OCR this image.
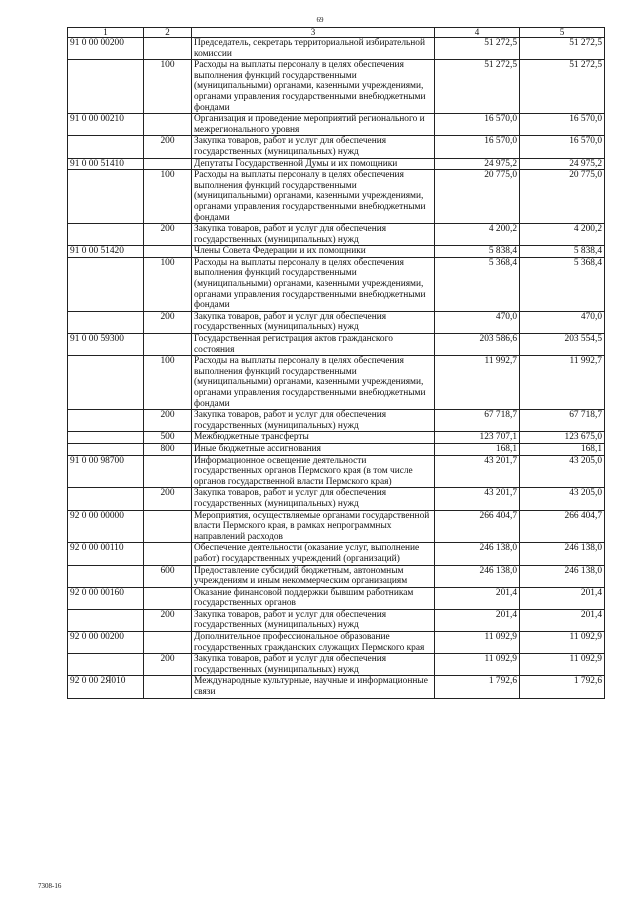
69
1	2	3	4	5
91 0 00 00200		Председатель, секретарь территориальной избирательной комиссии	51 272,5	51 272,5
	100	Расходы на выплаты персоналу в целях обеспечения выполнения функций государственными (муниципальными) органами, казенными учреждениями, органами управления государственными внебюджетными фондами	51 272,5	51 272,5
91 0 00 00210		Организация и проведение мероприятий регионального и межрегионального уровня	16 570,0	16 570,0
	200	Закупка товаров, работ и услуг для обеспечения государственных (муниципальных) нужд	16 570,0	16 570,0
91 0 00 51410		Депутаты Государственной Думы и их помощники	24 975,2	24 975,2
	100	Расходы на выплаты персоналу в целях обеспечения выполнения функций государственными (муниципальными) органами, казенными учреждениями, органами управления государственными внебюджетными фондами	20 775,0	20 775,0
	200	Закупка товаров, работ и услуг для обеспечения государственных (муниципальных) нужд	4 200,2	4 200,2
91 0 00 51420		Члены Совета Федерации и их помощники	5 838,4	5 838,4
	100	Расходы на выплаты персоналу в целях обеспечения выполнения функций государственными (муниципальными) органами, казенными учреждениями, органами управления государственными внебюджетными фондами	5 368,4	5 368,4
	200	Закупка товаров, работ и услуг для обеспечения государственных (муниципальных) нужд	470,0	470,0
91 0 00 59300		Государственная регистрация актов гражданского состояния	203 586,6	203 554,5
	100	Расходы на выплаты персоналу в целях обеспечения выполнения функций государственными (муниципальными) органами, казенными учреждениями, органами управления государственными внебюджетными фондами	11 992,7	11 992,7
	200	Закупка товаров, работ и услуг для обеспечения государственных (муниципальных) нужд	67 718,7	67 718,7
	500	Межбюджетные трансферты	123 707,1	123 675,0
	800	Иные бюджетные ассигнования	168,1	168,1
91 0 00 98700		Информационное освещение деятельности государственных органов Пермского края (в том числе органов государственной власти Пермского края)	43 201,7	43 205,0
	200	Закупка товаров, работ и услуг для обеспечения государственных (муниципальных) нужд	43 201,7	43 205,0
92 0 00 00000		Мероприятия, осуществляемые органами государственной власти Пермского края, в рамках непрограммных направлений расходов	266 404,7	266 404,7
92 0 00 00110		Обеспечение деятельности (оказание услуг, выполнение работ) государственных учреждений (организаций)	246 138,0	246 138,0
	600	Предоставление субсидий бюджетным, автономным учреждениям и иным некоммерческим организациям	246 138,0	246 138,0
92 0 00 00160		Оказание финансовой поддержки бывшим работникам государственных органов	201,4	201,4
	200	Закупка товаров, работ и услуг для обеспечения государственных (муниципальных) нужд	201,4	201,4
92 0 00 00200		Дополнительное профессиональное образование государственных гражданских служащих Пермского края	11 092,9	11 092,9
	200	Закупка товаров, работ и услуг для обеспечения государственных (муниципальных) нужд	11 092,9	11 092,9
92 0 00 2Я010		Международные культурные, научные и информационные связи	1 792,6	1 792,6
7308-16
